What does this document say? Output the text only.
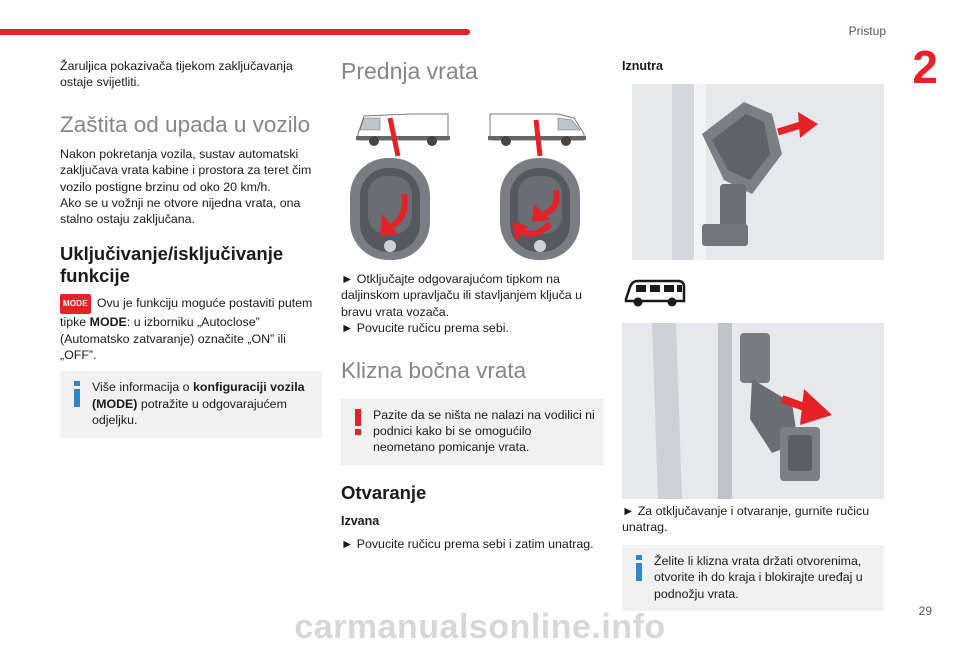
Pristup
2

Žaruljica pokazivača tijekom zaključavanja ostaje svijetliti.

Zaštita od upada u vozilo

Nakon pokretanja vozila, sustav automatski zaključava vrata kabine i prostora za teret čim vozilo postigne brzinu od oko 20 km/h.

Ako se u vožnji ne otvore nijedna vrata, ona stalno ostaju zaključana.

Uključivanje/isključivanje funkcije

MODE Ovu je funkciju moguće postaviti putem tipke MODE: u izborniku „Autoclose” (Automatsko zatvaranje) označite „ON” ili „OFF”.

Više informacija o konfiguraciji vozila (MODE) potražite u odgovarajućem odjeljku.
Prednja vrata

► Otključajte odgovarajućom tipkom na daljinskom upravljaču ili stavljanjem ključa u bravu vrata vozača.

► Povucite ručicu prema sebi.

Klizna bočna vrata
Pazite da se ništa ne nalazi na vodilici ni podnici kako bi se omogućilo neometano pomicanje vrata.
Otvaranje
Izvana

► Povucite ručicu prema sebi i zatim unatrag.

Iznutra

► Za otključavanje i otvaranje, gurnite ručicu unatrag.

Želite li klizna vrata držati otvorenima, otvorite ih do kraja i blokirajte uređaj u podnožju vrata.
carmanualsonline.info	29
